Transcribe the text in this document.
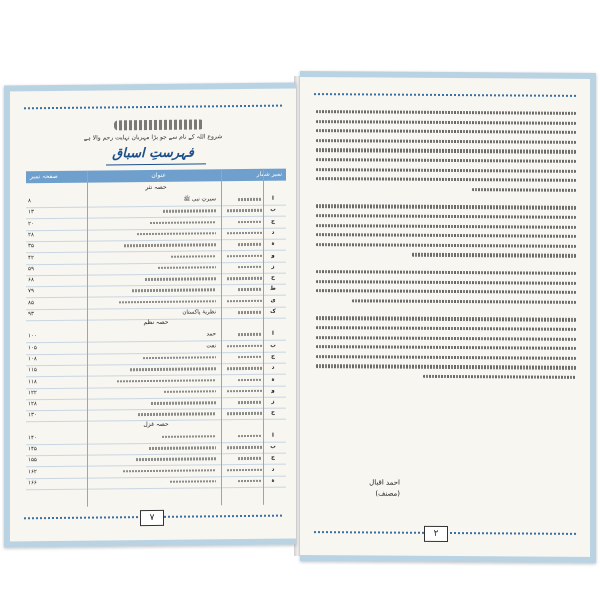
شروع اللہ کے نام سے جو بڑا مہربان نہایت رحم والا ہے
فہرستِ اسباق
نمبر شمار
عنوان
صفحہ نمبر
حصہ نثر
ا
سیرتِ نبی ﷺ
۸
ب
۱۳
ج
۲۰
د
۲۸
ہ
۳۵
و
۴۲
ز
۵۹
ح
۶۸
ط
۷۹
ی
۸۵
ک
نظریۂ پاکستان
۹۳
حصہ نظم
ا
حمد
۱۰۰
ب
نعت
۱۰۵
ج
۱۰۸
د
۱۱۵
ہ
۱۱۸
و
۱۲۲
ز
۱۲۸
ح
۱۳۰
حصہ غزل
ا
۱۴۰
ب
۱۴۵
ج
۱۵۵
د
۱۶۲
ہ
۱۶۶
۷
احمد اقبال
(مصنف)
۲
